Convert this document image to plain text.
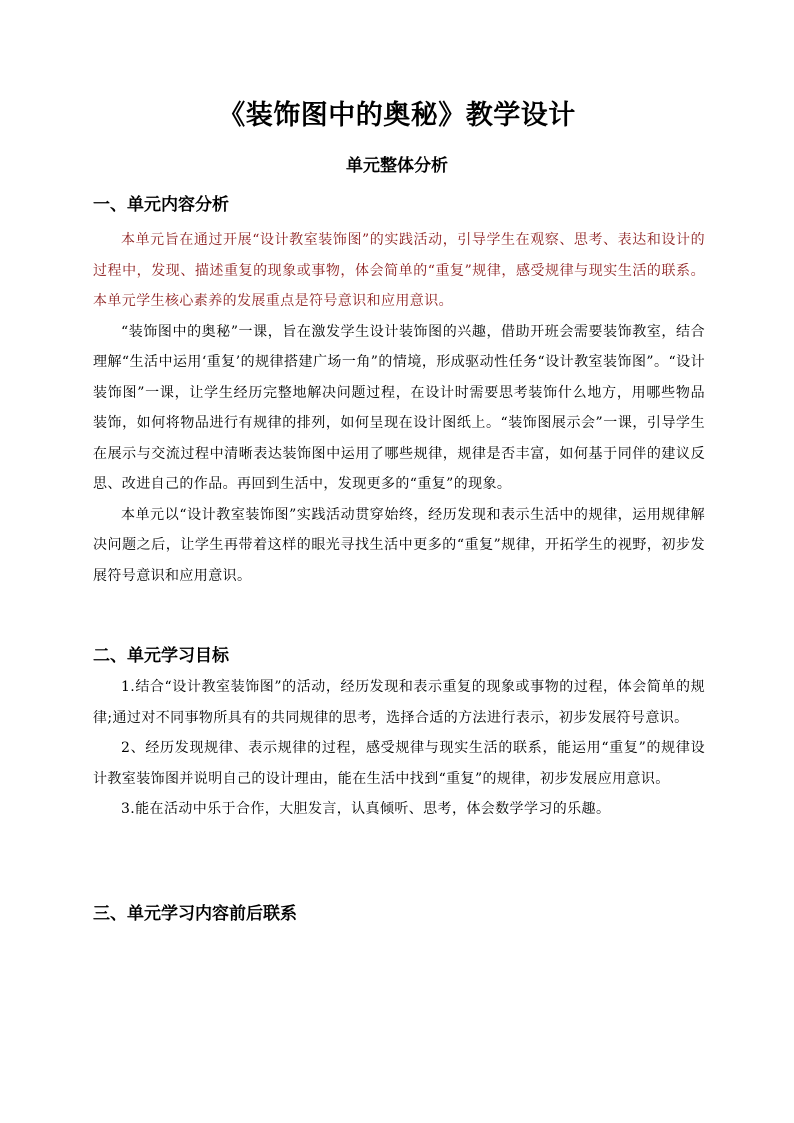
《装饰图中的奥秘》教学设计
单元整体分析
一、单元内容分析

本单元旨在通过开展“设计教室装饰图”的实践活动，引导学生在观察、思考、表达和设计的过程中，发现、描述重复的现象或事物，体会简单的“重复”规律，感受规律与现实生活的联系。本单元学生核心素养的发展重点是符号意识和应用意识。

“装饰图中的奥秘”一课，旨在激发学生设计装饰图的兴趣，借助开班会需要装饰教室，结合理解“生活中运用‘重复’的规律搭建广场一角”的情境，形成驱动性任务“设计教室装饰图”。“设计装饰图”一课，让学生经历完整地解决问题过程，在设计时需要思考装饰什么地方，用哪些物品装饰，如何将物品进行有规律的排列，如何呈现在设计图纸上。“装饰图展示会”一课，引导学生在展示与交流过程中清晰表达装饰图中运用了哪些规律，规律是否丰富，如何基于同伴的建议反思、改进自己的作品。再回到生活中，发现更多的“重复”的现象。

本单元以“设计教室装饰图”实践活动贯穿始终，经历发现和表示生活中的规律，运用规律解决问题之后，让学生再带着这样的眼光寻找生活中更多的“重复”规律，开拓学生的视野，初步发展符号意识和应用意识。

二、单元学习目标

1.结合“设计教室装饰图”的活动，经历发现和表示重复的现象或事物的过程，体会简单的规律;通过对不同事物所具有的共同规律的思考，选择合适的方法进行表示，初步发展符号意识。

2、经历发现规律、表示规律的过程，感受规律与现实生活的联系，能运用“重复”的规律设计教室装饰图并说明自己的设计理由，能在生活中找到“重复”的规律，初步发展应用意识。

3.能在活动中乐于合作，大胆发言，认真倾听、思考，体会数学学习的乐趣。

三、单元学习内容前后联系
